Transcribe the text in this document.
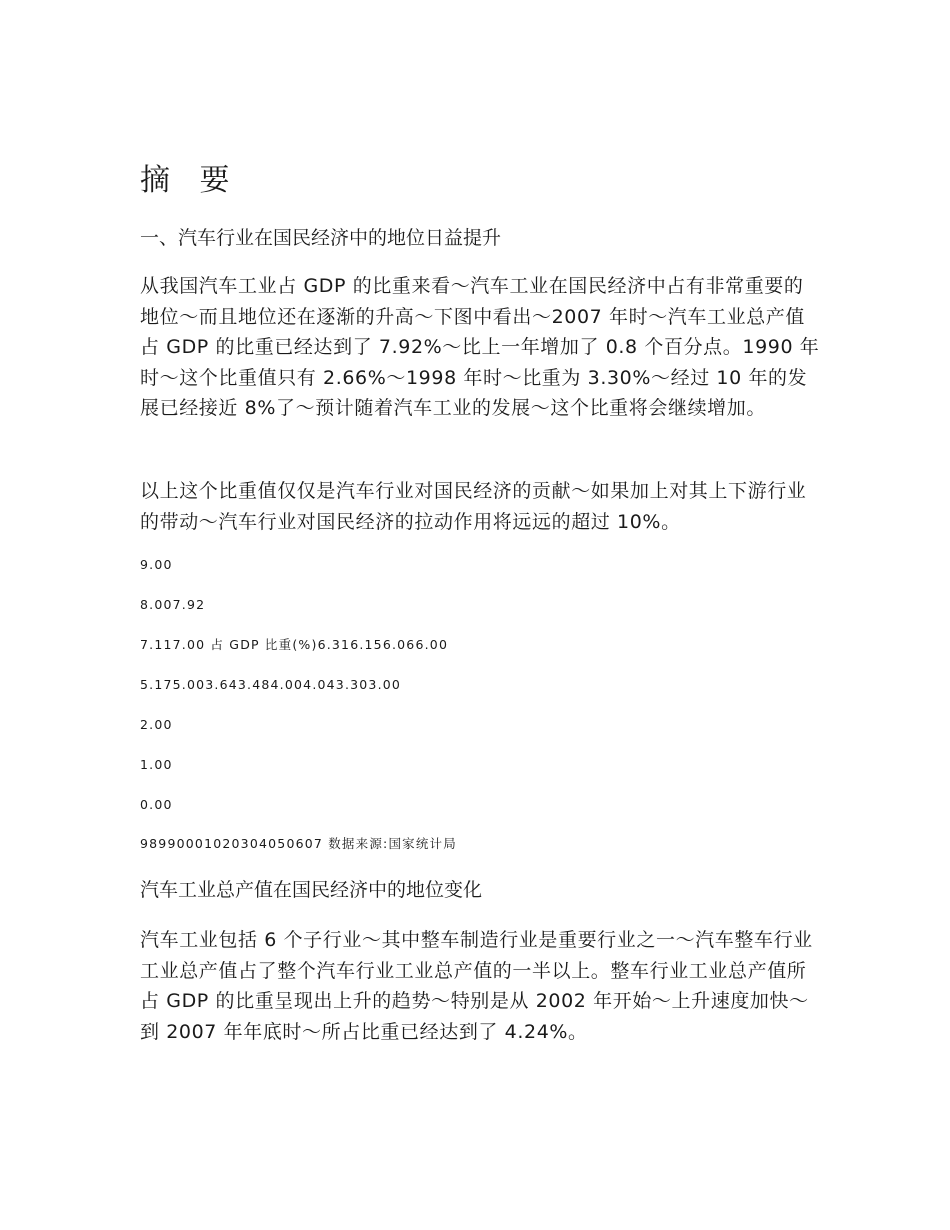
摘 要
一、汽车行业在国民经济中的地位日益提升
从我国汽车工业占 GDP 的比重来看～汽车工业在国民经济中占有非常重要的地位～而且地位还在逐渐的升高～下图中看出～2007 年时～汽车工业总产值占 GDP 的比重已经达到了 7.92%～比上一年增加了 0.8 个百分点。1990 年时～这个比重值只有 2.66%～1998 年时～比重为 3.30%～经过 10 年的发展已经接近 8%了～预计随着汽车工业的发展～这个比重将会继续增加。
以上这个比重值仅仅是汽车行业对国民经济的贡献～如果加上对其上下游行业的带动～汽车行业对国民经济的拉动作用将远远的超过 10%。
9.00
8.007.92
7.117.00 占 GDP 比重(%)6.316.156.066.00
5.175.003.643.484.004.043.303.00
2.00
1.00
0.00
9899000102030405060​7 数据来源:国家统计局
汽车工业总产值在国民经济中的地位变化
汽车工业包括 6 个子行业～其中整车制造行业是重要行业之一～汽车整车行业工业总产值占了整个汽车行业工业总产值的一半以上。整车行业工业总产值所占 GDP 的比重呈现出上升的趋势～特别是从 2002 年开始～上升速度加快～到 2007 年年底时～所占比重已经达到了 4.24%。
